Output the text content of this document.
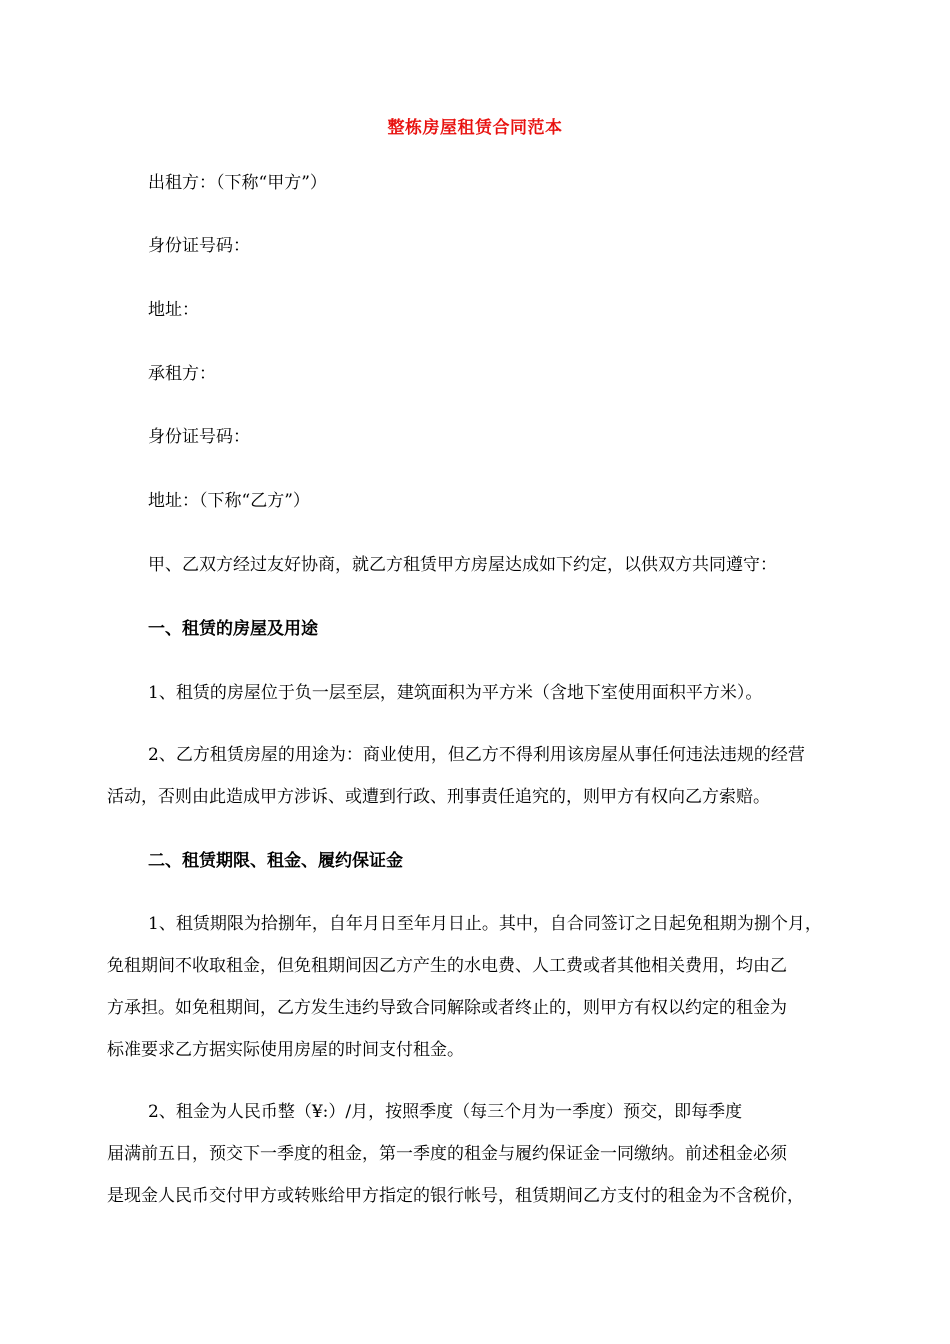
整栋房屋租赁合同范本
出租方：（下称“甲方”）
身份证号码：
地址：
承租方：
身份证号码：
地址：（下称“乙方”）
甲、乙双方经过友好协商，就乙方租赁甲方房屋达成如下约定，以供双方共同遵守：
一、租赁的房屋及用途
1、租赁的房屋位于负一层至层，建筑面积为平方米（含地下室使用面积平方米）。
2、乙方租赁房屋的用途为：商业使用，但乙方不得利用该房屋从事任何违法违规的经营
活动，否则由此造成甲方涉诉、或遭到行政、刑事责任追究的，则甲方有权向乙方索赔。
二、租赁期限、租金、履约保证金
1、租赁期限为拾捌年，自年月日至年月日止。其中，自合同签订之日起免租期为捌个月，
免租期间不收取租金，但免租期间因乙方产生的水电费、人工费或者其他相关费用，均由乙
方承担。如免租期间，乙方发生违约导致合同解除或者终止的，则甲方有权以约定的租金为
标准要求乙方据实际使用房屋的时间支付租金。
2、租金为人民币整（¥:）/月，按照季度（每三个月为一季度）预交，即每季度
届满前五日，预交下一季度的租金，第一季度的租金与履约保证金一同缴纳。前述租金必须
是现金人民币交付甲方或转账给甲方指定的银行帐号，租赁期间乙方支付的租金为不含税价，
